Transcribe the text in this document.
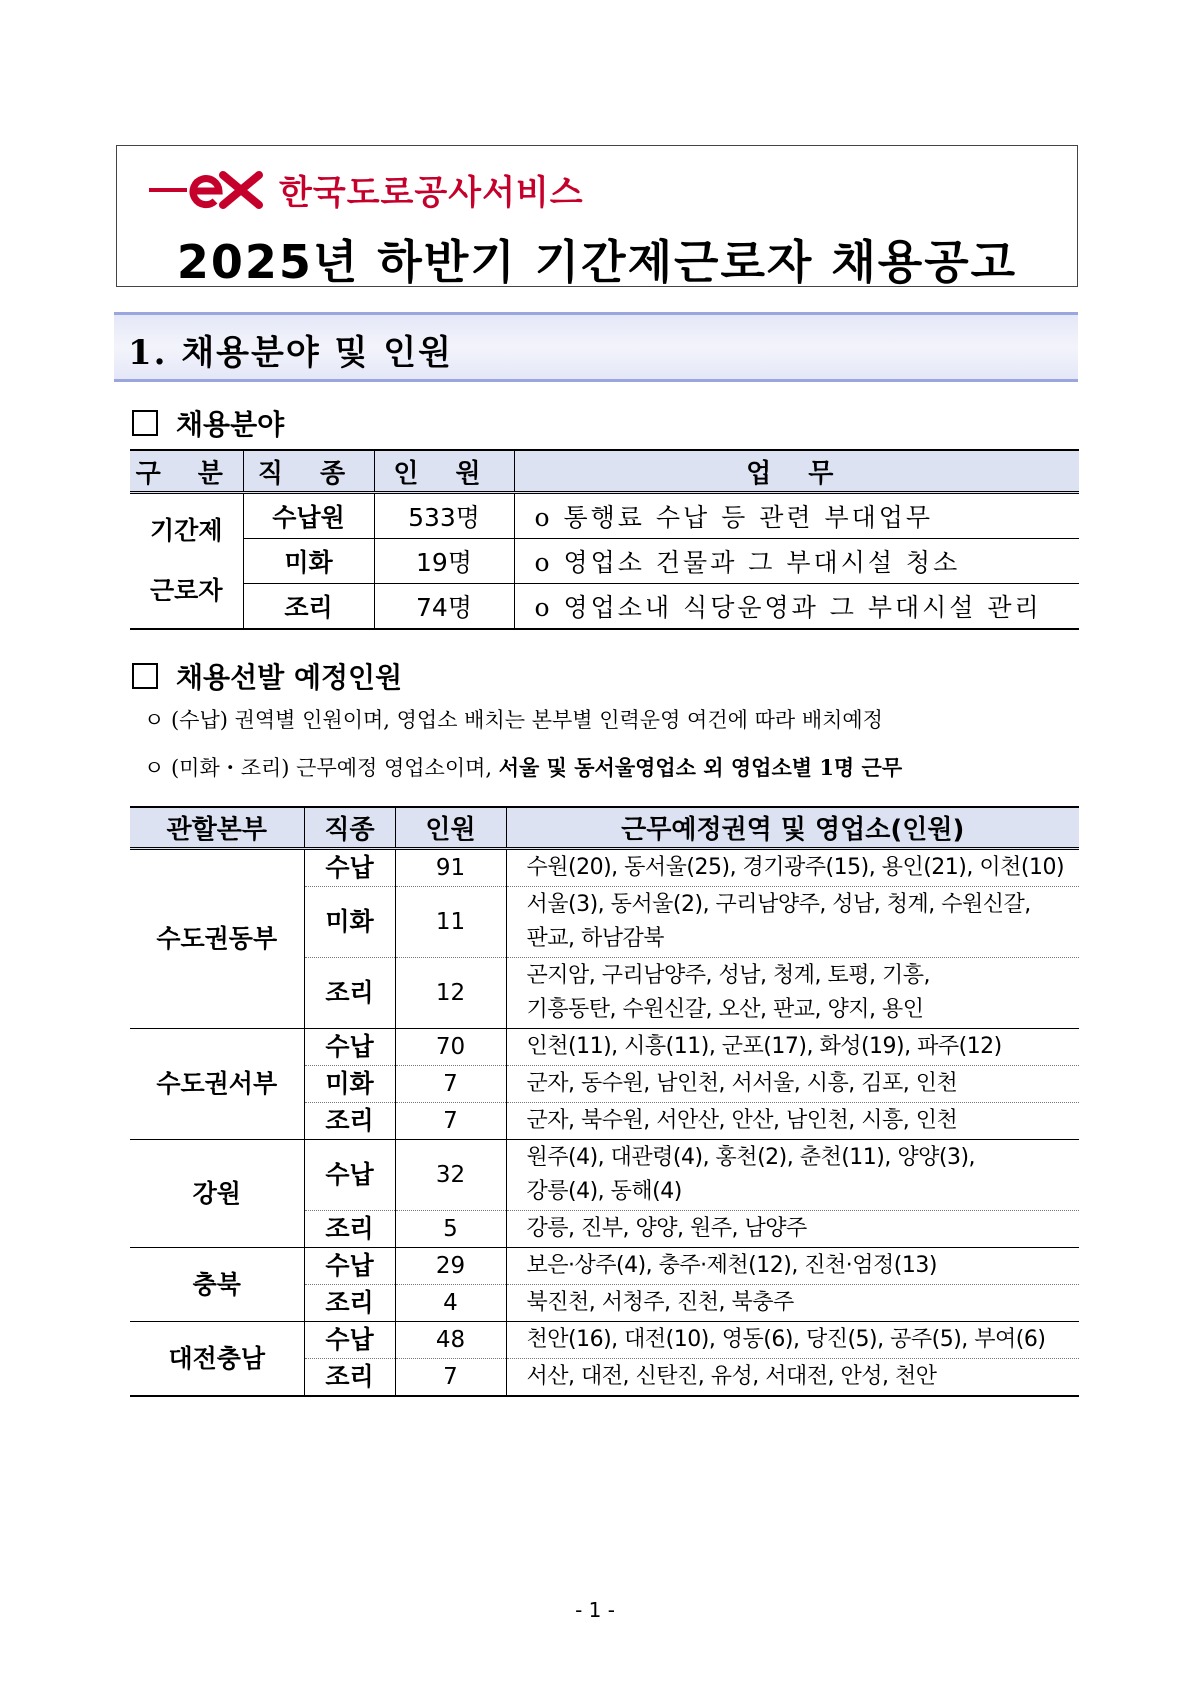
한국도로공사서비스
2025년 하반기 기간제근로자 채용공고
1. 채용분야 및 인원
채용분야
구 분	직 종	인 원	업 무

기간제
근로자	수납원	533명	o 통행료 수납 등 관련 부대업무
	미화	19명	o 영업소 건물과 그 부대시설 청소
	조리	74명	o 영업소내 식당운영과 그 부대시설 관리
채용선발 예정인원
ㅇ (수납) 권역별 인원이며, 영업소 배치는 본부별 인력운영 여건에 따라 배치예정
ㅇ (미화・조리) 근무예정 영업소이며, 서울 및 동서울영업소 외 영업소별 1명 근무
관할본부	직종	인원	근무예정권역 및 영업소(인원)
수도권동부	수납	91	수원(20), 동서울(25), 경기광주(15), 용인(21), 이천(10)

	미화	11	서울(3), 동서울(2), 구리남양주, 성남, 청계, 수원신갈,
판교, 하남감북

	조리	12	곤지암, 구리남양주, 성남, 청계, 토평, 기흥,
기흥동탄, 수원신갈, 오산, 판교, 양지, 용인

수도권서부	수납	70	인천(11), 시흥(11), 군포(17), 화성(19), 파주(12)

	미화	7	군자, 동수원, 남인천, 서서울, 시흥, 김포, 인천

	조리	7	군자, 북수원, 서안산, 안산, 남인천, 시흥, 인천

강원	수납	32	원주(4), 대관령(4), 홍천(2), 춘천(11), 양양(3),
강릉(4), 동해(4)

	조리	5	강릉, 진부, 양양, 원주, 남양주

충북	수납	29	보은·상주(4), 충주·제천(12), 진천·엄정(13)

	조리	4	북진천, 서청주, 진천, 북충주

대전충남	수납	48	천안(16), 대전(10), 영동(6), 당진(5), 공주(5), 부여(6)

	조리	7	서산, 대전, 신탄진, 유성, 서대전, 안성, 천안
- 1 -
